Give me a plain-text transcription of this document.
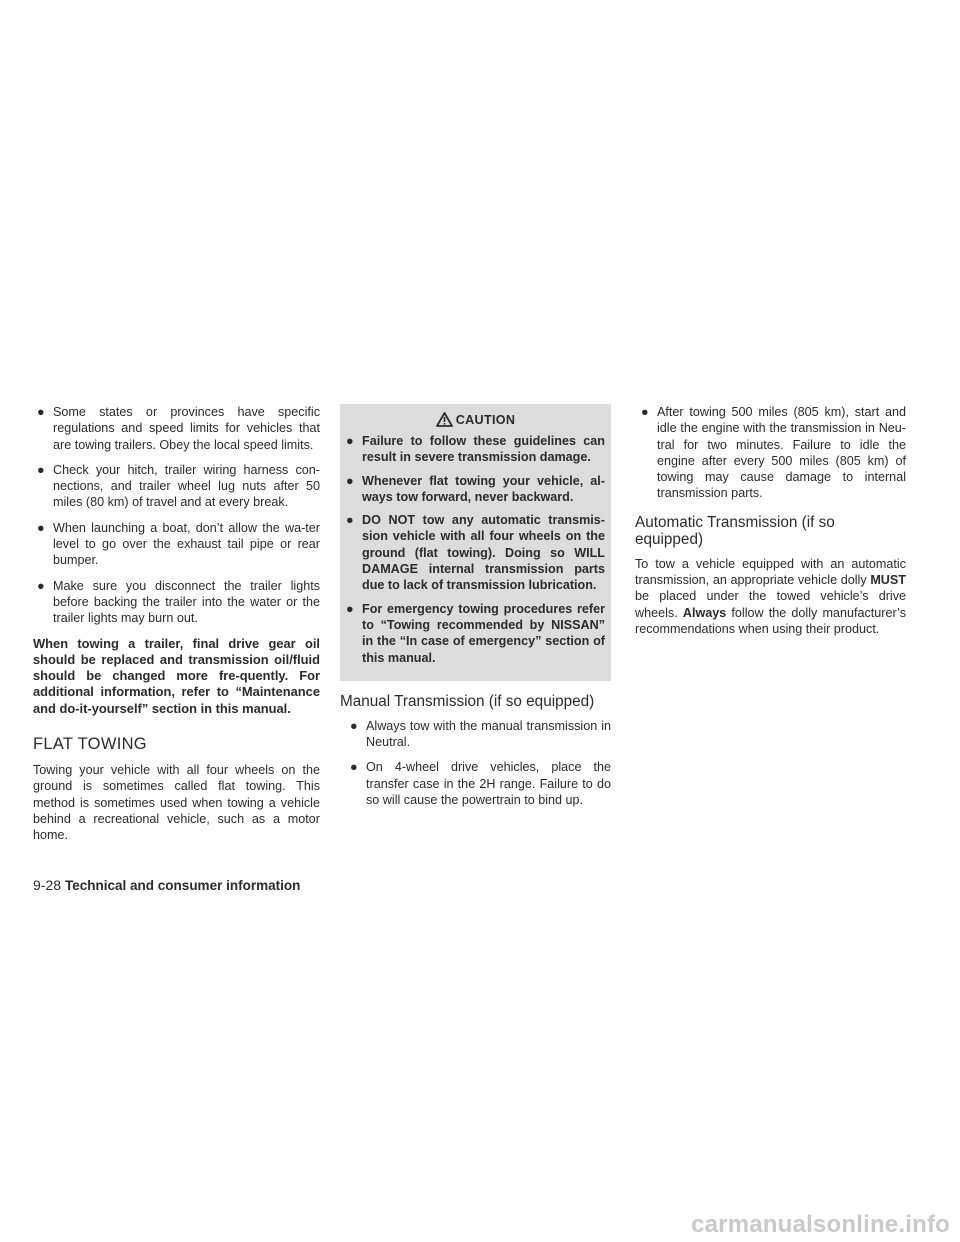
● Some states or provinces have specific regulations and speed limits for vehicles that are towing trailers. Obey the local speed limits.
● Check your hitch, trailer wiring harness con-nections, and trailer wheel lug nuts after 50 miles (80 km) of travel and at every break.
● When launching a boat, don’t allow the wa-ter level to go over the exhaust tail pipe or rear bumper.
● Make sure you disconnect the trailer lights before backing the trailer into the water or the trailer lights may burn out.

When towing a trailer, final drive gear oil should be replaced and transmission oil/fluid should be changed more fre-quently. For additional information, refer to “Maintenance and do-it-yourself” section in this manual.

FLAT TOWING

Towing your vehicle with all four wheels on the ground is sometimes called flat towing. This method is sometimes used when towing a vehicle behind a recreational vehicle, such as a motor home.

CAUTION
● Failure to follow these guidelines can result in severe transmission damage.
● Whenever flat towing your vehicle, al-ways tow forward, never backward.
● DO NOT tow any automatic transmis-sion vehicle with all four wheels on the ground (flat towing). Doing so WILL DAMAGE internal transmission parts due to lack of transmission lubrication.
● For emergency towing procedures refer to “Towing recommended by NISSAN” in the “In case of emergency” section of this manual.
Manual Transmission (if so equipped)
● Always tow with the manual transmission in Neutral.
● On 4-wheel drive vehicles, place the transfer case in the 2H range. Failure to do so will cause the powertrain to bind up.
● After towing 500 miles (805 km), start and idle the engine with the transmission in Neu-tral for two minutes. Failure to idle the engine after every 500 miles (805 km) of towing may cause damage to internal transmission parts.
Automatic Transmission (if so equipped)

To tow a vehicle equipped with an automatic transmission, an appropriate vehicle dolly MUST be placed under the towed vehicle’s drive wheels. Always follow the dolly manufacturer’s recommendations when using their product.

9-28 Technical and consumer information
carmanualsonline.info
